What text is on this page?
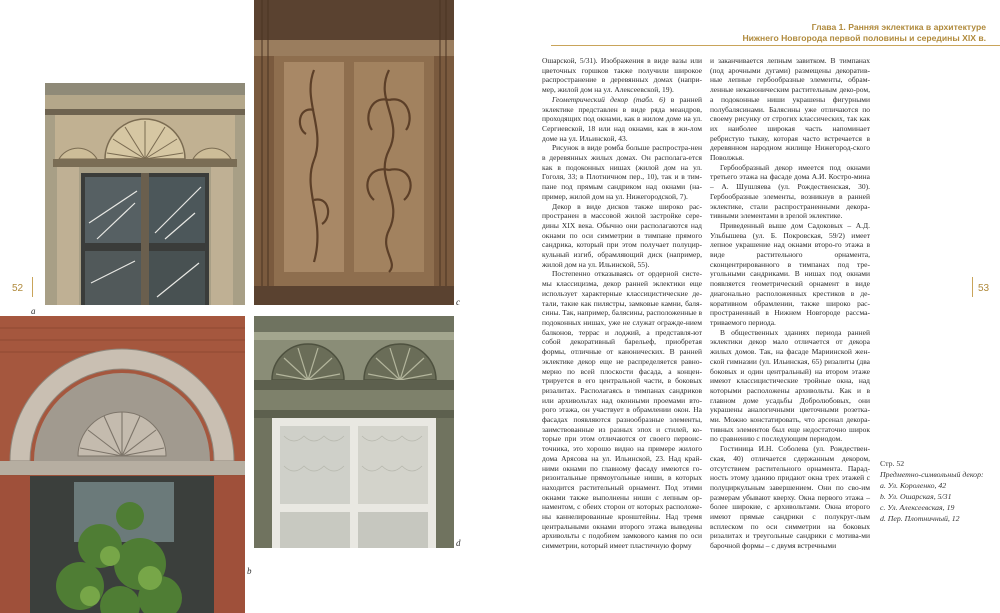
Глава 1. Ранняя эклектика в архитектуре
Нижнего Новгорода первой половины и середины XIX в.
52	53
а
c
b
d

Ошарской, 5/31). Изображения в виде вазы или цветочных горшков также получили широкое распространение в деревянных домах (напри-мер, жилой дом на ул. Алексеевской, 19).

Геометрический декор (табл. 6) в ранней эклектике представлен в виде ряда меандров, проходящих под окнами, как в жилом доме на ул. Сергиевской, 18 или над окнами, как в жи-лом доме на ул. Ильинской, 43.

Рисунок в виде ромба больше распростра-нен в деревянных жилых домах. Он располага-ется как в подоконных нишах (жилой дом на ул. Гоголя, 33; в Плотничном пер., 10), так и в тим-пане под прямым сандриком над окнами (на-пример, жилой дом на ул. Нижегородской, 7).

Декор в виде дисков также широко рас-пространен в массовой жилой застройке сере-дины XIX века. Обычно они располагаются над окнами по оси симметрии в тимпане прямого сандрика, который при этом получает полуцир-кульный изгиб, обрамляющий диск (например, жилой дом на ул. Ильинской, 55).

Постепенно отказываясь от ордерной систе-мы классицизма, декор ранней эклектики еще использует характерные классицистические де-тали, такие как пилястры, замковые камни, баля-сины. Так, например, балясины, расположенные в подоконных нишах, уже не служат огражде-нием балконов, террас и лоджий, а представля-ют собой декоративный барельеф, приобретая формы, отличные от канонических. В ранней эклектике декор еще не распределяется равно-мерно по всей плоскости фасада, а концен-трируется в его центральной части, в боковых ризалитах. Располагаясь в тимпанах сандриков или архивольтах над оконными проемами вто-рого этажа, он участвует в обрамлении окон. На фасадах появляются разнообразные элементы, заимствованные из разных эпох и стилей, ко-торые при этом отличаются от своего первоис-точника, это хорошо видно на примере жилого дома Арясова на ул. Ильинской, 23. Над край-ними окнами по главному фасаду имеются го-ризонтальные прямоугольные ниши, в которых находится растительный орнамент. Под этими окнами также выполнены ниши с лепным ор-наментом, с обеих сторон от которых расположе-ны каннелированные кронштейны. Над тремя центральными окнами второго этажа выведены архивольты с подобием замкового камня по оси симметрии, который имеет пластичную форму

и заканчивается лепным завитком. В тимпанах (под арочными дугами) размещены декоратив-ные лепные гербообразные элементы, обрам-ленные неканоническим растительным деко-ром, а подоконные ниши украшены фигурными полубалясинами. Балясины уже отличаются по своему рисунку от строгих классических, так как их наиболее широкая часть напоминает ребристую тыкву, которая часто встречается в деревянном народном жилище Нижегород-ского Поволжья.

Гербообразный декор имеется под окнами третьего этажа на фасаде дома А.И. Костро-мина – А. Шушляева (ул. Рождественская, 30). Гербообразные элементы, возникнув в ранней эклектике, стали распространенными декора-тивными элементами в зрелой эклектике.

Приведенный выше дом Садоковых – А.Д. Ульбышева (ул. Б. Покровская, 59/2) имеет лепное украшение над окнами второ-го этажа в виде растительного орнамента, сконцентрированного в тимпанах под тре-угольными сандриками. В нишах под окнами появляется геометрический орнамент в виде диагонально расположенных крестиков в де-коративном обрамлении, также широко рас-пространенный в Нижнем Новгороде рассма-триваемого периода.

В общественных зданиях периода ранней эклектики декор мало отличается от декора жилых домов. Так, на фасаде Мариинской жен-ской гимназии (ул. Ильинская, 65) ризалиты (два боковых и один центральный) на втором этаже имеют классицистические тройные окна, над которыми расположены архивольты. Как и в главном доме усадьбы Добролюбовых, они украшены аналогичными цветочными розетка-ми. Можно констатировать, что арсенал декора-тивных элементов был еще недостаточно широк по сравнению с последующим периодом.

Гостиница И.Н. Соболева (ул. Рождествен-ская, 40) отличается сдержанным декором, отсутствием растительного орнамента. Парад-ность этому зданию придают окна трех этажей с полуциркульным завершением. Они по сво-им размерам убывают кверху. Окна первого этажа – более широкие, с архивольтами. Окна второго имеют прямые сандрики с полукруг-лым всплеском по оси симметрии на боковых ризалитах и треугольные сандрики с мотива-ми барочной формы – с двумя встречными

Стр. 52
Предметно-символьный декор:
а. Ул. Короленко, 42
b. Ул. Ошарская, 5/31
c. Ул. Алексеевская, 19
d. Пер. Плотничный, 12
